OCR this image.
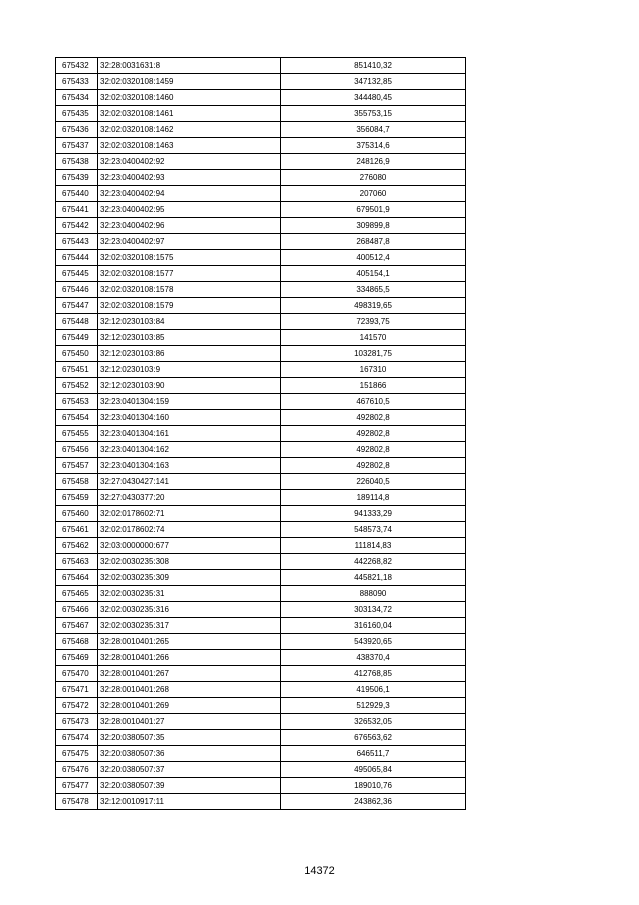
675432	32:28:0031631:8	851410,32
675433	32:02:0320108:1459	347132,85
675434	32:02:0320108:1460	344480,45
675435	32:02:0320108:1461	355753,15
675436	32:02:0320108:1462	356084,7
675437	32:02:0320108:1463	375314,6
675438	32:23:0400402:92	248126,9
675439	32:23:0400402:93	276080
675440	32:23:0400402:94	207060
675441	32:23:0400402:95	679501,9
675442	32:23:0400402:96	309899,8
675443	32:23:0400402:97	268487,8
675444	32:02:0320108:1575	400512,4
675445	32:02:0320108:1577	405154,1
675446	32:02:0320108:1578	334865,5
675447	32:02:0320108:1579	498319,65
675448	32:12:0230103:84	72393,75
675449	32:12:0230103:85	141570
675450	32:12:0230103:86	103281,75
675451	32:12:0230103:9	167310
675452	32:12:0230103:90	151866
675453	32:23:0401304:159	467610,5
675454	32:23:0401304:160	492802,8
675455	32:23:0401304:161	492802,8
675456	32:23:0401304:162	492802,8
675457	32:23:0401304:163	492802,8
675458	32:27:0430427:141	226040,5
675459	32:27:0430377:20	189114,8
675460	32:02:0178602:71	941333,29
675461	32:02:0178602:74	548573,74
675462	32:03:0000000:677	111814,83
675463	32:02:0030235:308	442268,82
675464	32:02:0030235:309	445821,18
675465	32:02:0030235:31	888090
675466	32:02:0030235:316	303134,72
675467	32:02:0030235:317	316160,04
675468	32:28:0010401:265	543920,65
675469	32:28:0010401:266	438370,4
675470	32:28:0010401:267	412768,85
675471	32:28:0010401:268	419506,1
675472	32:28:0010401:269	512929,3
675473	32:28:0010401:27	326532,05
675474	32:20:0380507:35	676563,62
675475	32:20:0380507:36	646511,7
675476	32:20:0380507:37	495065,84
675477	32:20:0380507:39	189010,76
675478	32:12:0010917:11	243862,36
14372
